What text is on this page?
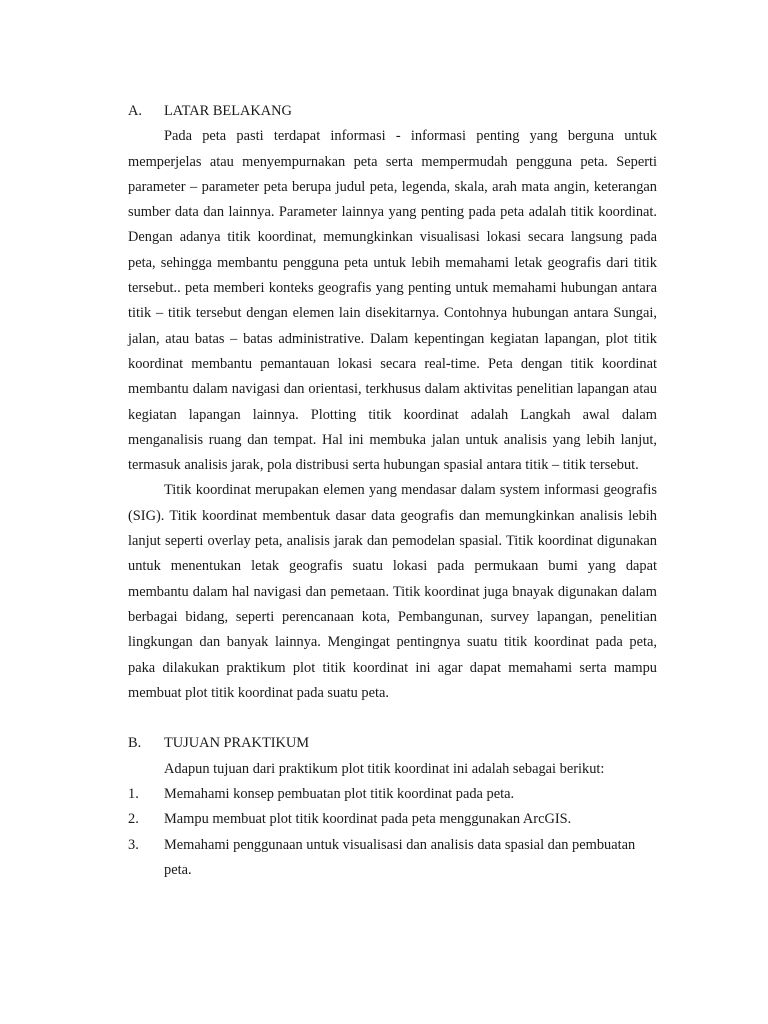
A.	LATAR BELAKANG

Pada peta pasti terdapat informasi - informasi penting yang berguna untuk memperjelas atau menyempurnakan peta serta mempermudah pengguna peta. Seperti parameter – parameter peta berupa judul peta, legenda, skala, arah mata angin, keterangan sumber data dan lainnya. Parameter lainnya yang penting pada peta adalah titik koordinat. Dengan adanya titik koordinat, memungkinkan visualisasi lokasi secara langsung pada peta, sehingga membantu pengguna peta untuk lebih memahami letak geografis dari titik tersebut.. peta memberi konteks geografis yang penting untuk memahami hubungan antara titik – titik tersebut dengan elemen lain disekitarnya. Contohnya hubungan antara Sungai, jalan, atau batas – batas administrative. Dalam kepentingan kegiatan lapangan, plot titik koordinat membantu pemantauan lokasi secara real-time. Peta dengan titik koordinat membantu dalam navigasi dan orientasi, terkhusus dalam aktivitas penelitian lapangan atau kegiatan lapangan lainnya. Plotting titik koordinat adalah Langkah awal dalam menganalisis ruang dan tempat. Hal ini membuka jalan untuk analisis yang lebih lanjut, termasuk analisis jarak, pola distribusi serta hubungan spasial antara titik – titik tersebut.

Titik koordinat merupakan elemen yang mendasar dalam system informasi geografis (SIG). Titik koordinat membentuk dasar data geografis dan memungkinkan analisis lebih lanjut seperti overlay peta, analisis jarak dan pemodelan spasial. Titik koordinat digunakan untuk menentukan letak geografis suatu lokasi pada permukaan bumi yang dapat membantu dalam hal navigasi dan pemetaan. Titik koordinat juga bnayak digunakan dalam berbagai bidang, seperti perencanaan kota, Pembangunan, survey lapangan, penelitian lingkungan dan banyak lainnya. Mengingat pentingnya suatu titik koordinat pada peta, paka dilakukan praktikum plot titik koordinat ini agar dapat memahami serta mampu membuat plot titik koordinat pada suatu peta.

B.	TUJUAN PRAKTIKUM

Adapun tujuan dari praktikum plot titik koordinat ini adalah sebagai berikut:

1.	Memahami konsep pembuatan plot titik koordinat pada peta.
2.	Mampu membuat plot titik koordinat pada peta menggunakan ArcGIS.
3.	Memahami penggunaan untuk visualisasi dan analisis data spasial dan pembuatan peta.
